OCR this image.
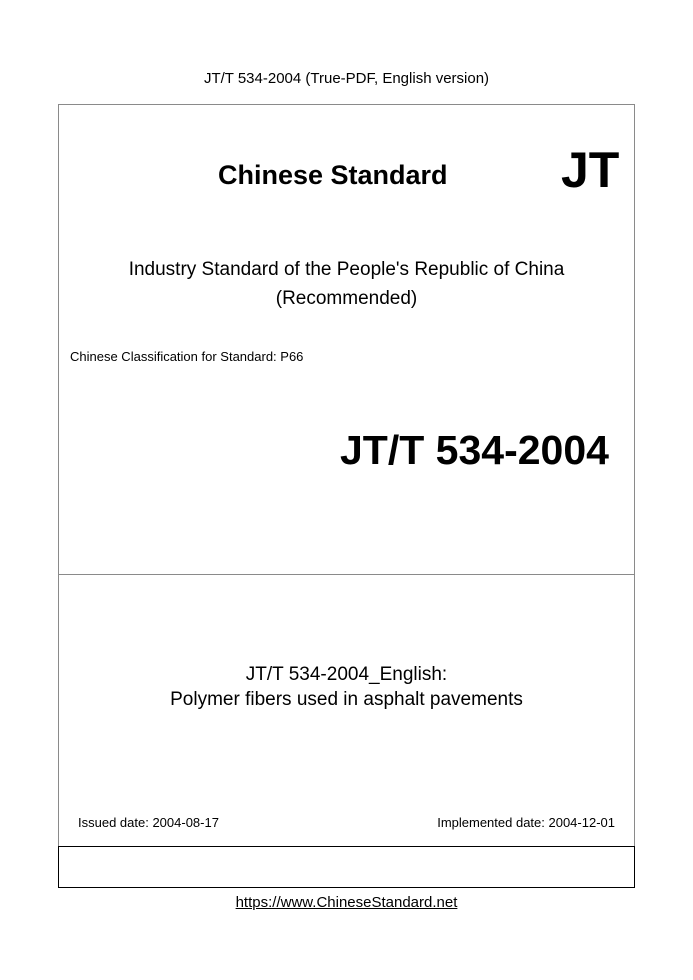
JT/T 534-2004 (True-PDF, English version)
Chinese Standard JT
Industry Standard of the People's Republic of China
(Recommended)
Chinese Classification for Standard: P66
JT/T 534-2004
JT/T 534-2004_English:
Polymer fibers used in asphalt pavements
Issued date: 2004-08-17	Implemented date: 2004-12-01
https://www.ChineseStandard.net
